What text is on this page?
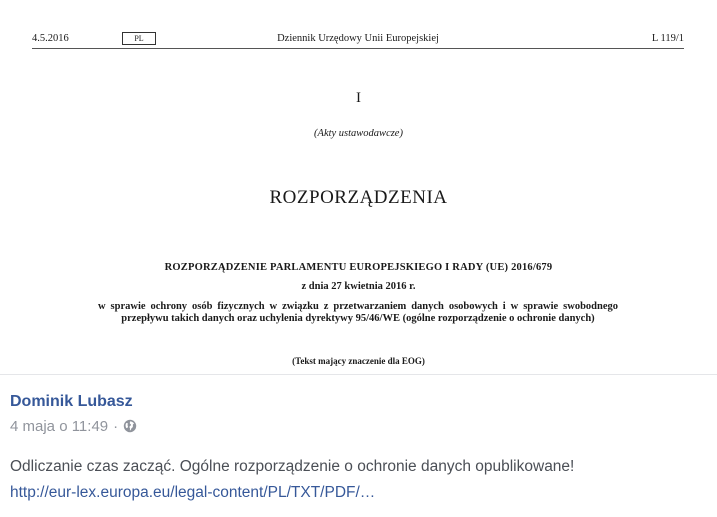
4.5.2016	PL	Dziennik Urzędowy Unii Europejskiej	L 119/1
I
(Akty ustawodawcze)
ROZPORZĄDZENIA
ROZPORZĄDZENIE PARLAMENTU EUROPEJSKIEGO I RADY (UE) 2016/679
z dnia 27 kwietnia 2016 r.
w sprawie ochrony osób fizycznych w związku z przetwarzaniem danych osobowych i w sprawie swobodnego przepływu takich danych oraz uchylenia dyrektywy 95/46/WE (ogólne rozporządzenie o ochronie danych)
(Tekst mający znaczenie dla EOG)
Dominik Lubasz
4 maja o 11:49 ·
Odliczanie czas zacząć. Ogólne rozporządzenie o ochronie danych opublikowane!
http://eur-lex.europa.eu/legal-content/PL/TXT/PDF/…
